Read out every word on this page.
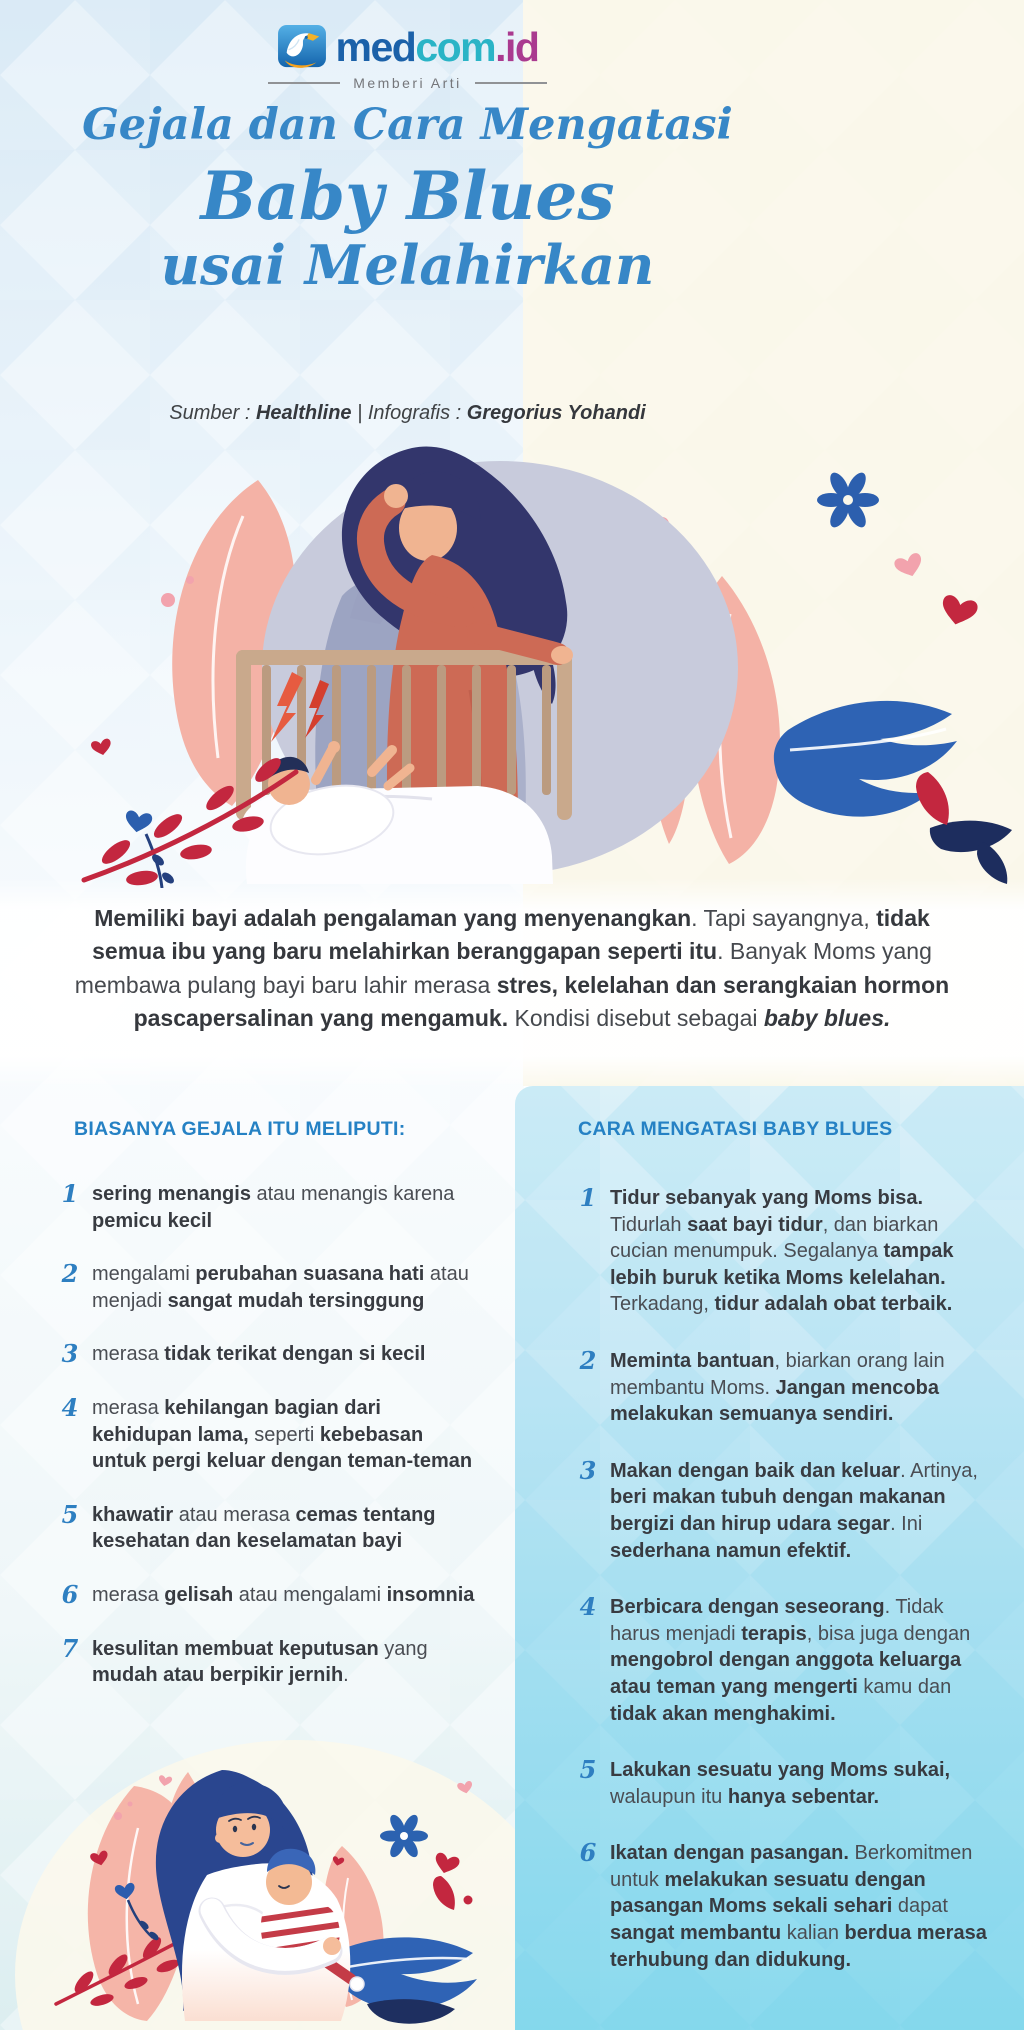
medcom.id
Memberi Arti
Gejala dan Cara Mengatasi
Baby Blues
usai Melahirkan
Sumber : Healthline | Infografis : Gregorius Yohandi

Memiliki bayi adalah pengalaman yang menyenangkan. Tapi sayangnya, tidak semua ibu yang baru melahirkan beranggapan seperti itu. Banyak Moms yang membawa pulang bayi baru lahir merasa stres, kelelahan dan serangkaian hormon pascapersalinan yang mengamuk. Kondisi disebut sebagai baby blues.

BIASANYA GEJALA ITU MELIPUTI:
1 sering menangis atau menangis karena pemicu kecil

2 mengalami perubahan suasana hati atau menjadi sangat mudah tersinggung

3 merasa tidak terikat dengan si kecil

4 merasa kehilangan bagian dari kehidupan lama, seperti kebebasan untuk pergi keluar dengan teman-teman

5 khawatir atau merasa cemas tentang kesehatan dan keselamatan bayi

6 merasa gelisah atau mengalami insomnia

7 kesulitan membuat keputusan yang mudah atau berpikir jernih.

CARA MENGATASI BABY BLUES
1 Tidur sebanyak yang Moms bisa. Tidurlah saat bayi tidur, dan biarkan cucian menumpuk. Segalanya tampak lebih buruk ketika Moms kelelahan. Terkadang, tidur adalah obat terbaik.

2 Meminta bantuan, biarkan orang lain membantu Moms. Jangan mencoba melakukan semuanya sendiri.

3 Makan dengan baik dan keluar. Artinya, beri makan tubuh dengan makanan bergizi dan hirup udara segar. Ini sederhana namun efektif.

4 Berbicara dengan seseorang. Tidak harus menjadi terapis, bisa juga dengan mengobrol dengan anggota keluarga atau teman yang mengerti kamu dan tidak akan menghakimi.

5 Lakukan sesuatu yang Moms sukai, walaupun itu hanya sebentar.

6 Ikatan dengan pasangan. Berkomitmen untuk melakukan sesuatu dengan pasangan Moms sekali sehari dapat sangat membantu kalian berdua merasa terhubung dan didukung.
